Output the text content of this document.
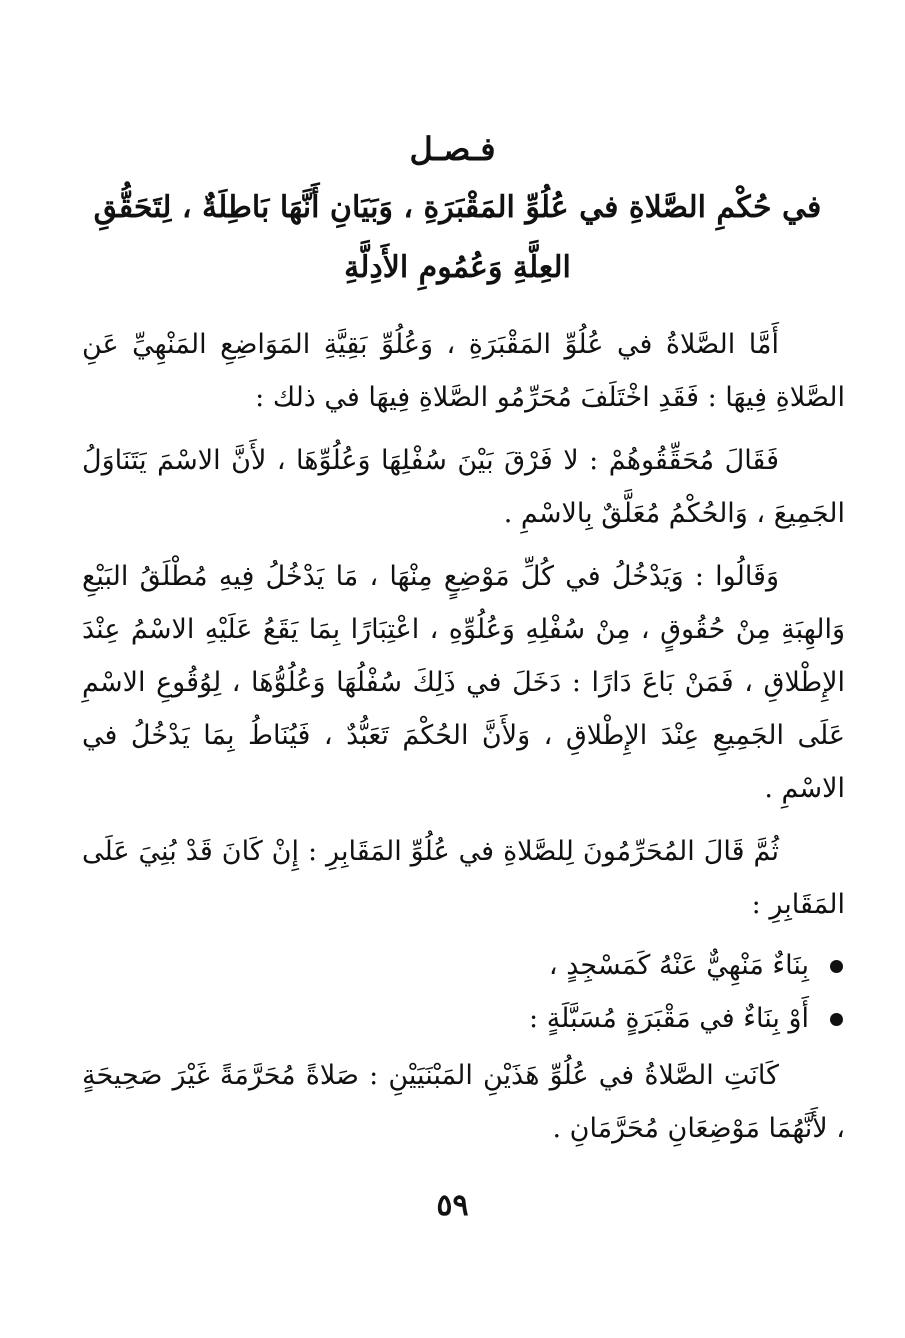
فـصـل
في حُكْمِ الصَّلاةِ في عُلُوِّ المَقْبَرَةِ ، وَبَيَانِ أَنَّهَا بَاطِلَةٌ ، لِتَحَقُّقِ العِلَّةِ وَعُمُومِ الأَدِلَّةِ

أَمَّا الصَّلاةُ في عُلُوِّ المَقْبَرَةِ ، وَعُلُوِّ بَقِيَّةِ المَوَاضِعِ المَنْهِيِّ عَنِ الصَّلاةِ فِيهَا : فَقَدِ اخْتَلَفَ مُحَرِّمُو الصَّلاةِ فِيهَا في ذلك :

فَقَالَ مُحَقِّقُوهُمْ : لا فَرْقَ بَيْنَ سُفْلِهَا وَعُلُوِّهَا ، لأَنَّ الاسْمَ يَتَنَاوَلُ الجَمِيعَ ، وَالحُكْمُ مُعَلَّقٌ بِالاسْمِ .

وَقَالُوا : وَيَدْخُلُ في كُلِّ مَوْضِعٍ مِنْهَا ، مَا يَدْخُلُ فِيهِ مُطْلَقُ البَيْعِ وَالهِبَةِ مِنْ حُقُوقٍ ، مِنْ سُفْلِهِ وَعُلُوِّهِ ، اعْتِبَارًا بِمَا يَقَعُ عَلَيْهِ الاسْمُ عِنْدَ الإِطْلاقِ ، فَمَنْ بَاعَ دَارًا : دَخَلَ في ذَلِكَ سُفْلُهَا وَعُلُوُّهَا ، لِوُقُوعِ الاسْمِ عَلَى الجَمِيعِ عِنْدَ الإِطْلاقِ ، وَلأَنَّ الحُكْمَ تَعَبُّدٌ ، فَيُنَاطُ بِمَا يَدْخُلُ في الاسْمِ .

ثُمَّ قَالَ المُحَرِّمُونَ لِلصَّلاةِ في عُلُوِّ المَقَابِرِ : إِنْ كَانَ قَدْ بُنِيَ عَلَى المَقَابِرِ :

بِنَاءٌ مَنْهِيٌّ عَنْهُ كَمَسْجِدٍ ،
أَوْ بِنَاءٌ في مَقْبَرَةٍ مُسَبَّلَةٍ :

كَانَتِ الصَّلاةُ في عُلُوِّ هَذَيْنِ المَبْنَيَيْنِ : صَلاةً مُحَرَّمَةً غَيْرَ صَحِيحَةٍ ، لأَنَّهُمَا مَوْضِعَانِ مُحَرَّمَانِ .

٥٩
